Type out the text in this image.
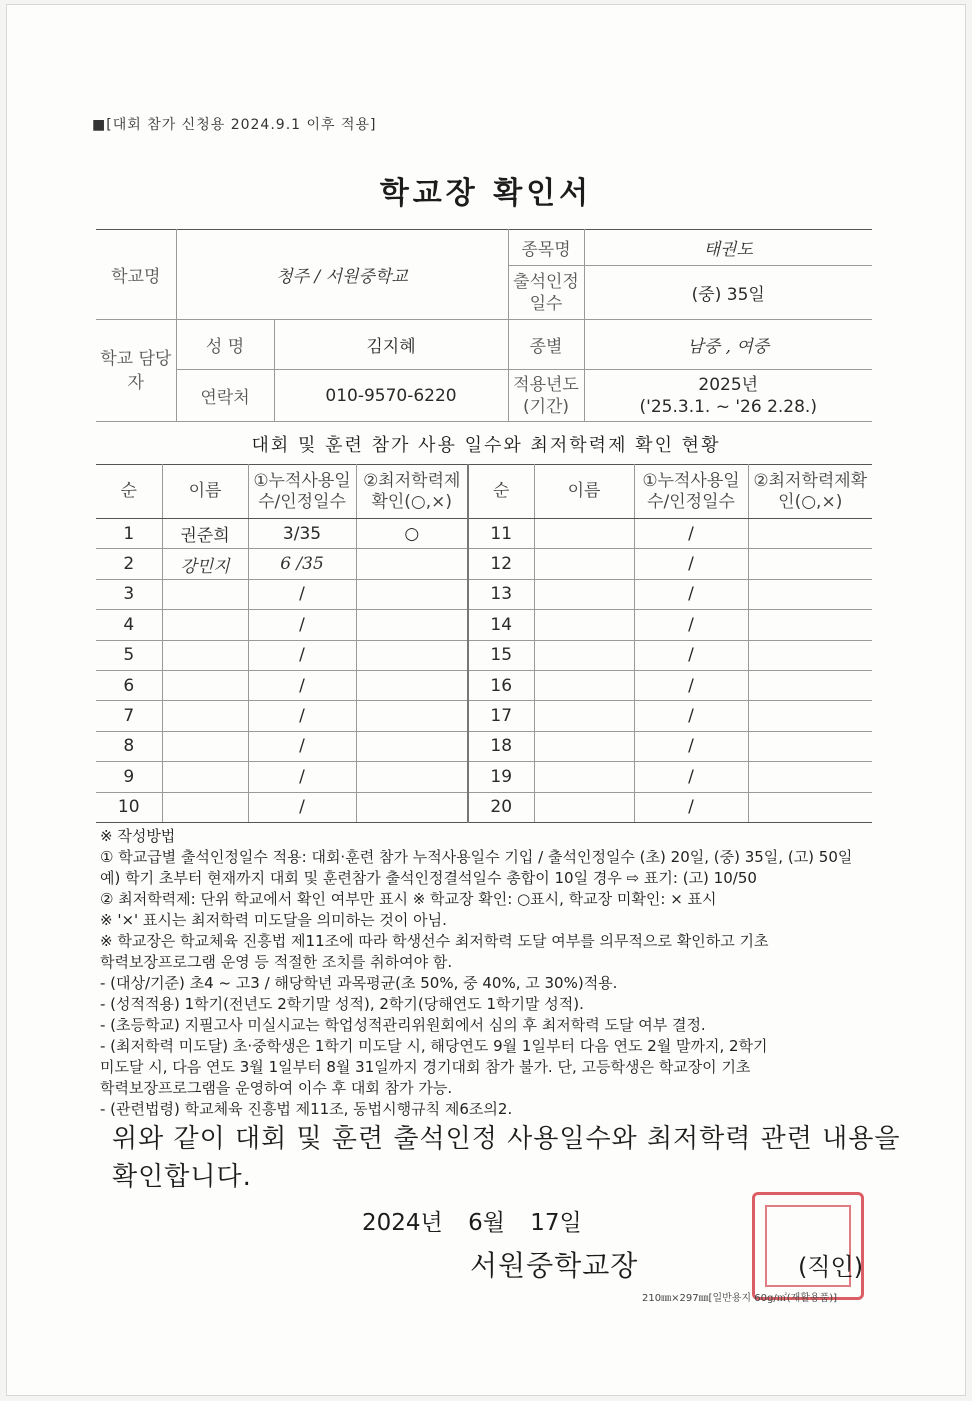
■[대회 참가 신청용 2024.9.1 이후 적용]
학교장 확인서
학교명	청주 / 서원중학교		종목명	태권도
			출석인정 일수	(중) 35일
학교 담당자	성 명	김지혜	종별	남중 , 여중
	연락처	010-9570-6220	적용년도 (기간)	2025년
('25.3.1. ~ '26 2.28.)
대회 및 훈련 참가 사용 일수와 최저학력제 확인 현황
순	이름	①누적사용일수/인정일수	②최저학력제확인(○,×)	순	이름	①누적사용일수/인정일수	②최저학력제확인(○,×)
1	권준희	3/35	○	11		/	
2	강민지	6 /35		12		/	
3		/		13		/	
4		/		14		/	
5		/		15		/	
6		/		16		/	
7		/		17		/	
8		/		18		/	
9		/		19		/	
10		/		20		/	
※ 작성방법
① 학교급별 출석인정일수 적용: 대회·훈련 참가 누적사용일수 기입 / 출석인정일수 (초) 20일, (중) 35일, (고) 50일
예) 학기 초부터 현재까지 대회 및 훈련참가 출석인정결석일수 총합이 10일 경우 ⇨ 표기: (고) 10/50
② 최저학력제: 단위 학교에서 확인 여부만 표시 ※ 학교장 확인: ○표시, 학교장 미확인: × 표시
※ '×' 표시는 최저학력 미도달을 의미하는 것이 아님.
※ 학교장은 학교체육 진흥법 제11조에 따라 학생선수 최저학력 도달 여부를 의무적으로 확인하고 기초
학력보장프로그램 운영 등 적절한 조치를 취하여야 함.
- (대상/기준) 초4 ~ 고3 / 해당학년 과목평균(초 50%, 중 40%, 고 30%)적용.
- (성적적용) 1학기(전년도 2학기말 성적), 2학기(당해연도 1학기말 성적).
- (초등학교) 지필고사 미실시교는 학업성적관리위원회에서 심의 후 최저학력 도달 여부 결정.
- (최저학력 미도달) 초·중학생은 1학기 미도달 시, 해당연도 9월 1일부터 다음 연도 2월 말까지, 2학기
미도달 시, 다음 연도 3월 1일부터 8월 31일까지 경기대회 참가 불가. 단, 고등학생은 학교장이 기초
학력보장프로그램을 운영하여 이수 후 대회 참가 가능.
- (관련법령) 학교체육 진흥법 제11조, 동법시행규칙 제6조의2.
위와 같이 대회 및 훈련 출석인정 사용일수와 최저학력 관련 내용을
확인합니다.
2024년 6월 17일
서원중학교장	(직인)
210㎜×297㎜[일반용지 60g/㎡(재활용품)]
